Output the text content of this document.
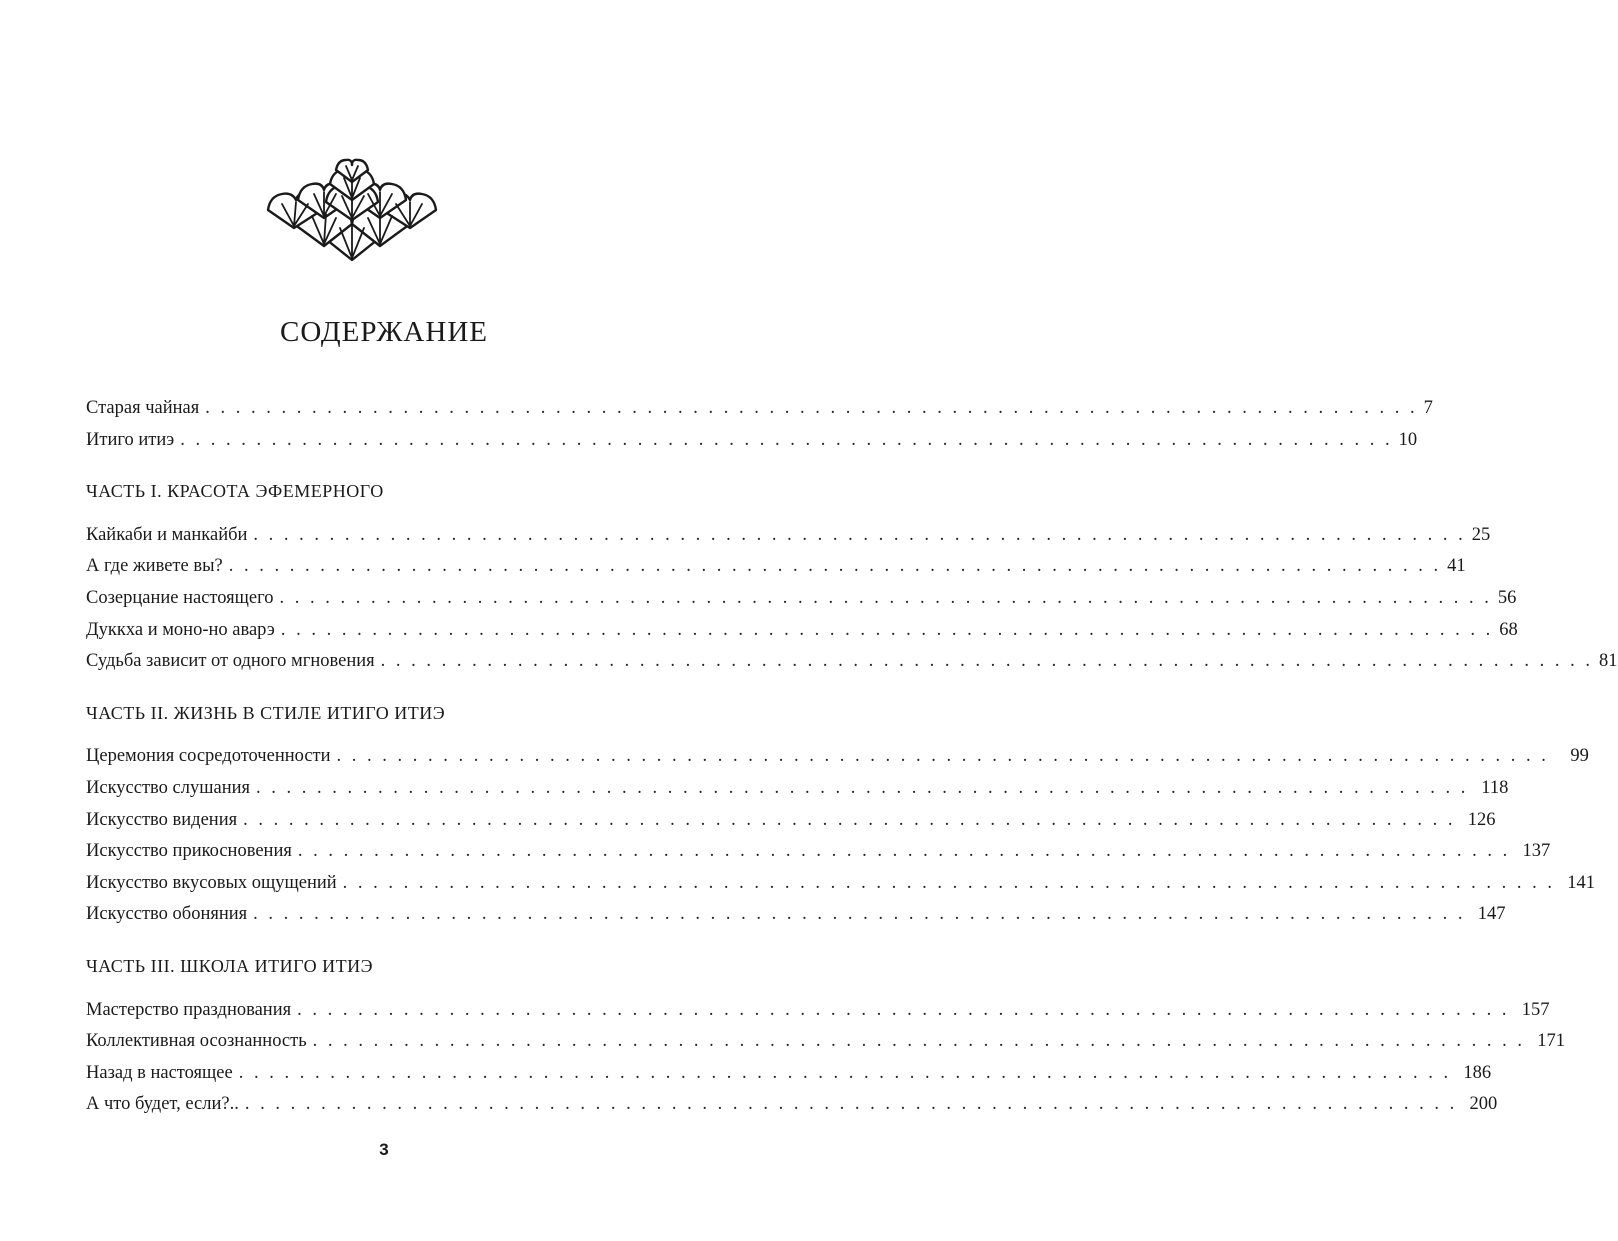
СОДЕРЖАНИЕ
Старая чайная . . . . . . . . . . . . . . . . . . . . . . . . . . . . . . . . . . . . . . . . . . . . . . . . . . . . . . . . . . . . . . . . . . . . . . . . . . . . . . . . 7
Итиго итиэ . . . . . . . . . . . . . . . . . . . . . . . . . . . . . . . . . . . . . . . . . . . . . . . . . . . . . . . . . . . . . . . . . . . . . . . . . . . . . . . . 10
ЧАСТЬ I. КРАСОТА ЭФЕМЕРНОГО
Кайкаби и манкайби . . . . . . . . . . . . . . . . . . . . . . . . . . . . . . . . . . . . . . . . . . . . . . . . . . . . . . . . . . . . . . . . . . . . . . . . . . . . . . . . 25
А где живете вы? . . . . . . . . . . . . . . . . . . . . . . . . . . . . . . . . . . . . . . . . . . . . . . . . . . . . . . . . . . . . . . . . . . . . . . . . . . . . . . . . 41
Созерцание настоящего . . . . . . . . . . . . . . . . . . . . . . . . . . . . . . . . . . . . . . . . . . . . . . . . . . . . . . . . . . . . . . . . . . . . . . . . . . . . . . . . 56
Дуккха и моно-но аварэ . . . . . . . . . . . . . . . . . . . . . . . . . . . . . . . . . . . . . . . . . . . . . . . . . . . . . . . . . . . . . . . . . . . . . . . . . . . . . . . . 68
Судьба зависит от одного мгновения . . . . . . . . . . . . . . . . . . . . . . . . . . . . . . . . . . . . . . . . . . . . . . . . . . . . . . . . . . . . . . . . . . . . . . . . . . . . . . . . 81
ЧАСТЬ II. ЖИЗНЬ В СТИЛЕ ИТИГО ИТИЭ
Церемония сосредоточенности . . . . . . . . . . . . . . . . . . . . . . . . . . . . . . . . . . . . . . . . . . . . . . . . . . . . . . . . . . . . . . . . . . . . . . . . . . . . . . . .	99
Искусство слушания . . . . . . . . . . . . . . . . . . . . . . . . . . . . . . . . . . . . . . . . . . . . . . . . . . . . . . . . . . . . . . . . . . . . . . . . . . . . . . . . 118
Искусство видения . . . . . . . . . . . . . . . . . . . . . . . . . . . . . . . . . . . . . . . . . . . . . . . . . . . . . . . . . . . . . . . . . . . . . . . . . . . . . . . . 126
Искусство прикосновения . . . . . . . . . . . . . . . . . . . . . . . . . . . . . . . . . . . . . . . . . . . . . . . . . . . . . . . . . . . . . . . . . . . . . . . . . . . . . . . . 137
Искусство вкусовых ощущений . . . . . . . . . . . . . . . . . . . . . . . . . . . . . . . . . . . . . . . . . . . . . . . . . . . . . . . . . . . . . . . . . . . . . . . . . . . . . . . . 141
Искусство обоняния . . . . . . . . . . . . . . . . . . . . . . . . . . . . . . . . . . . . . . . . . . . . . . . . . . . . . . . . . . . . . . . . . . . . . . . . . . . . . . . . 147
ЧАСТЬ III. ШКОЛА ИТИГО ИТИЭ
Мастерство празднования . . . . . . . . . . . . . . . . . . . . . . . . . . . . . . . . . . . . . . . . . . . . . . . . . . . . . . . . . . . . . . . . . . . . . . . . . . . . . . . . 157
Коллективная осознанность . . . . . . . . . . . . . . . . . . . . . . . . . . . . . . . . . . . . . . . . . . . . . . . . . . . . . . . . . . . . . . . . . . . . . . . . . . . . . . . . 171
Назад в настоящее . . . . . . . . . . . . . . . . . . . . . . . . . . . . . . . . . . . . . . . . . . . . . . . . . . . . . . . . . . . . . . . . . . . . . . . . . . . . . . . . 186
А что будет, если?.. . . . . . . . . . . . . . . . . . . . . . . . . . . . . . . . . . . . . . . . . . . . . . . . . . . . . . . . . . . . . . . . . . . . . . . . . . . . . . . . . 200
3
